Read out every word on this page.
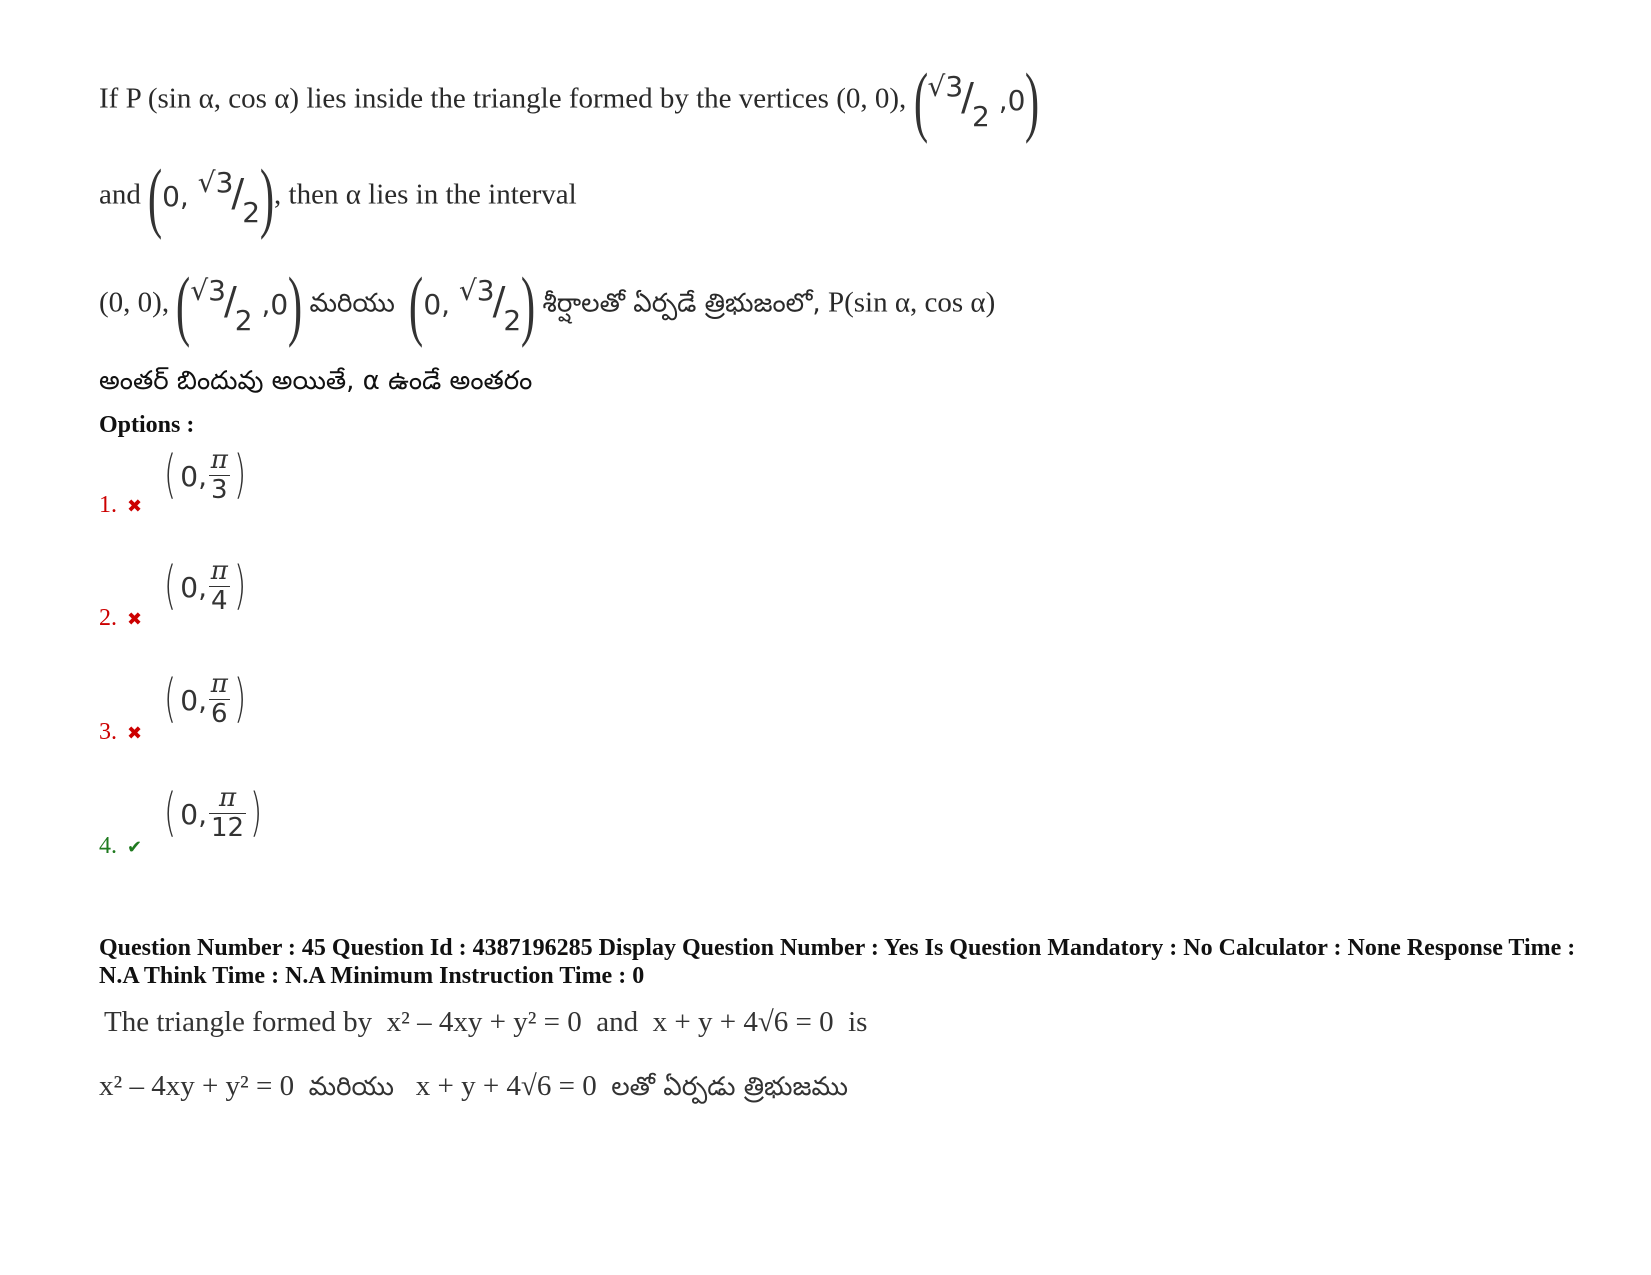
If P (sin α, cos α) lies inside the triangle formed by the vertices (0, 0), ($^{√3}/_2$ ,0)
and (0, $^{√3}/_2$), then α lies in the interval
(0, 0), ($^{√3}/_2$ ,0) మరియు (0, $^{√3}/_2$) శీర్షాలతో ఏర్పడే త్రిభుజంలో, P(sin α, cos α)
అంతర్ బిందువు అయితే, α ఉండే అంతరం
Options :
1. ✖
( 0, $\frac{\pi}{3}$ )
2. ✖
( 0, $\frac{\pi}{4}$ )
3. ✖
( 0, $\frac{\pi}{6}$ )
4. ✔
( 0, $\frac{\pi}{12}$ )
Question Number : 45 Question Id : 4387196285 Display Question Number : Yes Is Question Mandatory : No Calculator : None Response Time : N.A Think Time : N.A Minimum Instruction Time : 0
The triangle formed by x² – 4xy + y² = 0 and x + y + 4√6 = 0 is
x² – 4xy + y² = 0 మరియు x + y + 4√6 = 0 లతో ఏర్పడు త్రిభుజము
